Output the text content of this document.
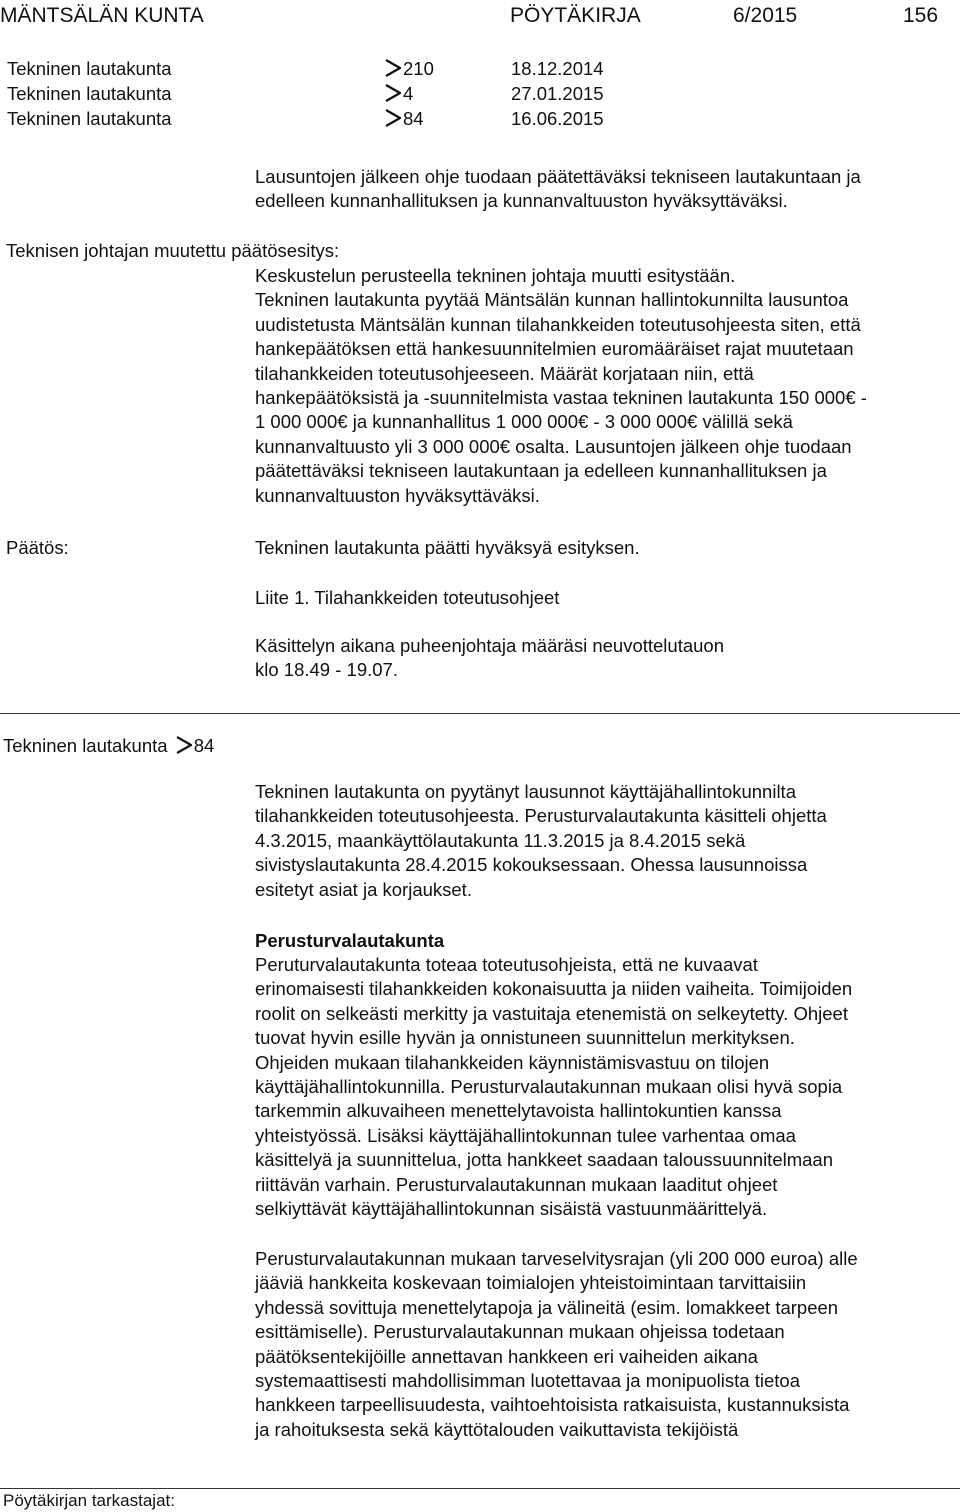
MÄNTSÄLÄN KUNTA	PÖYTÄKIRJA	6/2015	156
Tekninen lautakunta	210	18.12.2014
Tekninen lautakunta	4	27.01.2015
Tekninen lautakunta	84	16.06.2015
Lausuntojen jälkeen ohje tuodaan päätettäväksi tekniseen lautakuntaan ja
edelleen kunnanhallituksen ja kunnanvaltuuston hyväksyttäväksi.
Teknisen johtajan muutettu päätösesitys:
Keskustelun perusteella tekninen johtaja muutti esitystään.
Tekninen lautakunta pyytää Mäntsälän kunnan hallintokunnilta lausuntoa
uudistetusta Mäntsälän kunnan tilahankkeiden toteutusohjeesta siten, että
hankepäätöksen että hankesuunnitelmien euromääräiset rajat muutetaan
tilahankkeiden toteutusohjeeseen. Määrät korjataan niin, että
hankepäätöksistä ja -suunnitelmista vastaa tekninen lautakunta 150 000€ -
1 000 000€ ja kunnanhallitus 1 000 000€ - 3 000 000€ välillä sekä
kunnanvaltuusto yli 3 000 000€ osalta. Lausuntojen jälkeen ohje tuodaan
päätettäväksi tekniseen lautakuntaan ja edelleen kunnanhallituksen ja
kunnanvaltuuston hyväksyttäväksi.
Päätös:	Tekninen lautakunta päätti hyväksyä esityksen.
Liite 1. Tilahankkeiden toteutusohjeet
Käsittelyn aikana puheenjohtaja määräsi neuvottelutauon
klo 18.49 - 19.07.
Tekninen lautakunta 84
Tekninen lautakunta on pyytänyt lausunnot käyttäjähallintokunnilta
tilahankkeiden toteutusohjeesta. Perusturvalautakunta käsitteli ohjetta
4.3.2015, maankäyttölautakunta 11.3.2015 ja 8.4.2015 sekä
sivistyslautakunta 28.4.2015 kokouksessaan. Ohessa lausunnoissa
esitetyt asiat ja korjaukset.
Perusturvalautakunta
Peruturvalautakunta toteaa toteutusohjeista, että ne kuvaavat
erinomaisesti tilahankkeiden kokonaisuutta ja niiden vaiheita. Toimijoiden
roolit on selkeästi merkitty ja vastuitaja etenemistä on selkeytetty. Ohjeet
tuovat hyvin esille hyvän ja onnistuneen suunnittelun merkityksen.
Ohjeiden mukaan tilahankkeiden käynnistämisvastuu on tilojen
käyttäjähallintokunnilla. Perusturvalautakunnan mukaan olisi hyvä sopia
tarkemmin alkuvaiheen menettelytavoista hallintokuntien kanssa
yhteistyössä. Lisäksi käyttäjähallintokunnan tulee varhentaa omaa
käsittelyä ja suunnittelua, jotta hankkeet saadaan taloussuunnitelmaan
riittävän varhain. Perusturvalautakunnan mukaan laaditut ohjeet
selkiyttävät käyttäjähallintokunnan sisäistä vastuunmäärittelyä.
Perusturvalautakunnan mukaan tarveselvitysrajan (yli 200 000 euroa) alle
jääviä hankkeita koskevaan toimialojen yhteistoimintaan tarvittaisiin
yhdessä sovittuja menettelytapoja ja välineitä (esim. lomakkeet tarpeen
esittämiselle). Perusturvalautakunnan mukaan ohjeissa todetaan
päätöksentekijöille annettavan hankkeen eri vaiheiden aikana
systemaattisesti mahdollisimman luotettavaa ja monipuolista tietoa
hankkeen tarpeellisuudesta, vaihtoehtoisista ratkaisuista, kustannuksista
ja rahoituksesta sekä käyttötalouden vaikuttavista tekijöistä
Pöytäkirjan tarkastajat:
